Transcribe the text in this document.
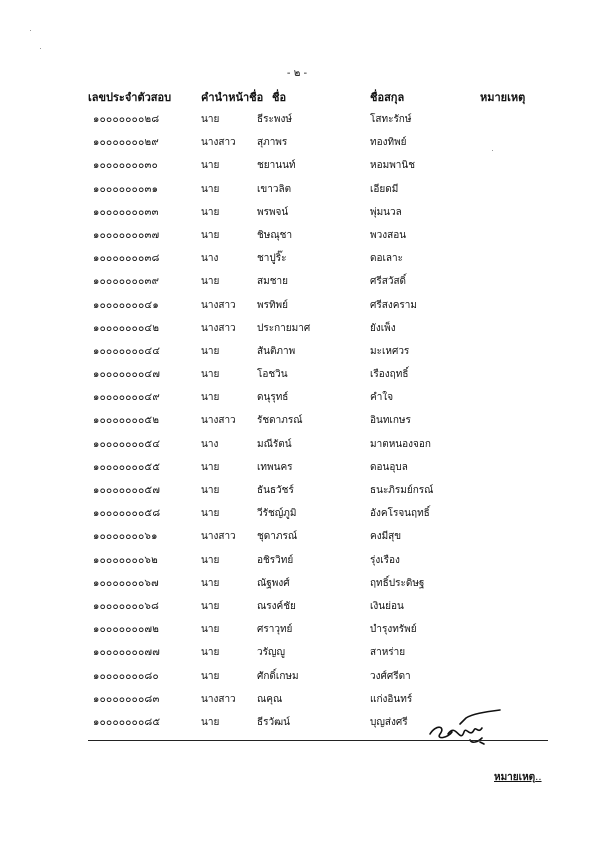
- ๒ -
เลขประจำตัวสอบ	คำนำหน้าชื่อ ชื่อ	ชื่อสกุล	หมายเหตุ
๑๐๐๐๐๐๐๐๒๘	นาย	ธีระพงษ์	โสทะรักษ์
๑๐๐๐๐๐๐๐๒๙	นางสาว สุภาพร	ทองทิพย์
๑๐๐๐๐๐๐๐๓๐	นาย	ชยานนท์	หอมพานิช
๑๐๐๐๐๐๐๐๓๑	นาย	เขาวลิต	เอียดมี
๑๐๐๐๐๐๐๐๓๓	นาย	พรพจน์	พุ่มนวล
๑๐๐๐๐๐๐๐๓๗	นาย	ชิษณุชา	พวงสอน
๑๐๐๐๐๐๐๐๓๘	นาง	ชาปูริ๊ะ	ดอเลาะ
๑๐๐๐๐๐๐๐๓๙	นาย	สมชาย	ศรีสวัสดิ์
๑๐๐๐๐๐๐๐๔๑	นางสาว พรทิพย์	ศรีสงคราม
๑๐๐๐๐๐๐๐๔๒	นางสาว ประกายมาศ	ยังเพ็ง
๑๐๐๐๐๐๐๐๔๔	นาย	สันติภาพ	มะเหศวร
๑๐๐๐๐๐๐๐๔๗	นาย	โอชวิน	เรืองฤทธิ์
๑๐๐๐๐๐๐๐๔๙	นาย	ดนุรุทธ์	คำใจ
๑๐๐๐๐๐๐๐๕๒	นางสาว รัชดาภรณ์	อินทเกษร
๑๐๐๐๐๐๐๐๕๔	นาง	มณีรัตน์	มาตหนองจอก
๑๐๐๐๐๐๐๐๕๕	นาย	เทพนคร	ดอนอุบล
๑๐๐๐๐๐๐๐๕๗	นาย	ธันธวัชร์	ธนะภิรมย์กรณ์
๑๐๐๐๐๐๐๐๕๘	นาย	วีรัชญ์ภูมิ	อังคโรจนฤทธิ์
๑๐๐๐๐๐๐๐๖๑	นางสาว ชุดาภรณ์	คงมีสุข
๑๐๐๐๐๐๐๐๖๒	นาย	อชิรวิทย์	รุ่งเรือง
๑๐๐๐๐๐๐๐๖๗	นาย	ณัฐพงศ์	ฤทธิ์ประดิษฐ
๑๐๐๐๐๐๐๐๖๘	นาย	ณรงค์ชัย	เงินย่อน
๑๐๐๐๐๐๐๐๗๒	นาย	ศราวุทย์	บำรุงทรัพย์
๑๐๐๐๐๐๐๐๗๗	นาย	วรัญญู	สาหร่าย
๑๐๐๐๐๐๐๐๘๐	นาย	ศักดิ์เกษม	วงศ์ศรีดา
๑๐๐๐๐๐๐๐๘๓	นางสาว ณคุณ	แก่งอินทร์
๑๐๐๐๐๐๐๐๘๕	นาย	ธีรวัฒน์	บุญส่งศรี
หมายเหตุ..
